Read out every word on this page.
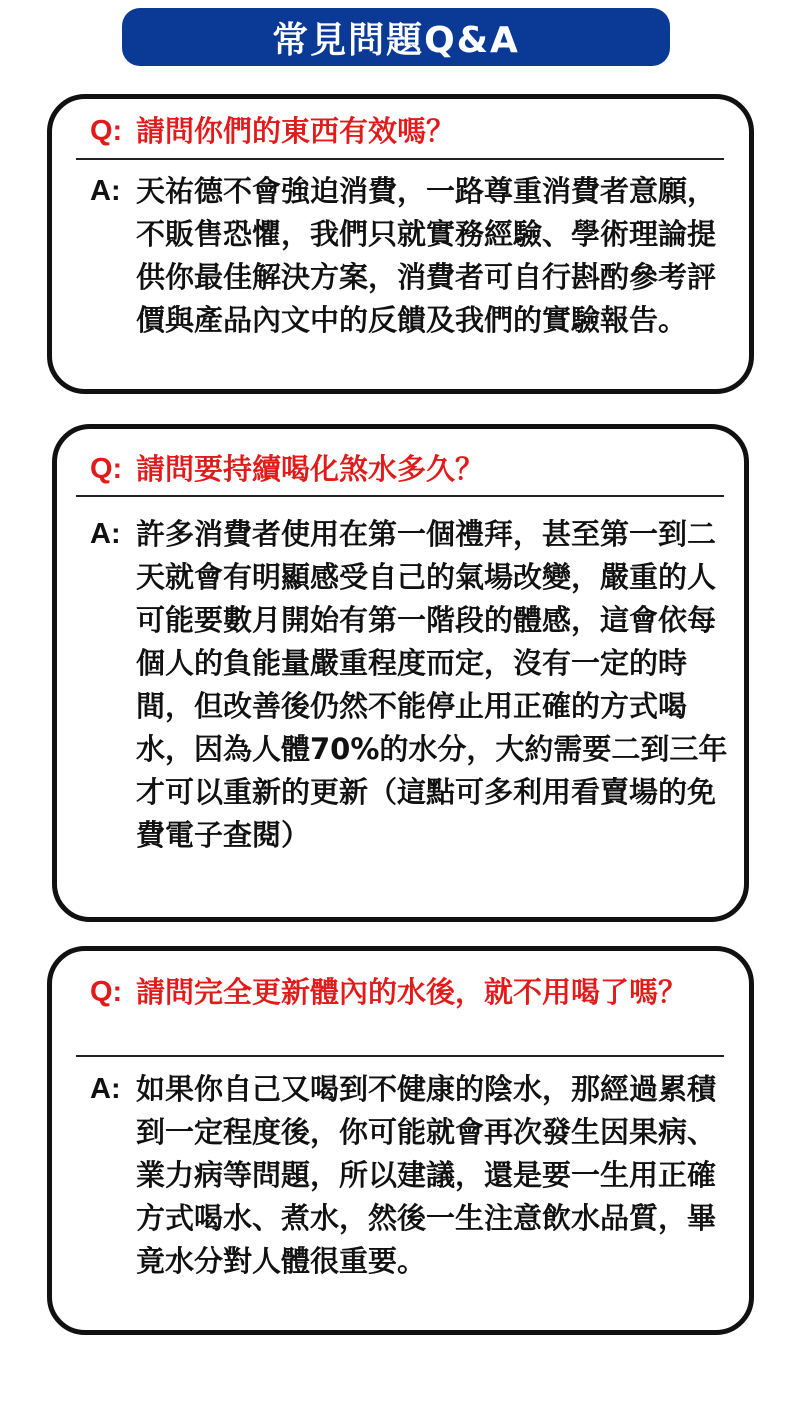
常見問題Q&A
Q: 請問你們的東西有效嗎？
A: 天祐德不會強迫消費，一路尊重消費者意願，不販售恐懼，我們只就實務經驗、學術理論提供你最佳解決方案，消費者可自行斟酌參考評價與產品內文中的反饋及我們的實驗報告。
Q: 請問要持續喝化煞水多久？
A: 許多消費者使用在第一個禮拜，甚至第一到二天就會有明顯感受自己的氣場改變，嚴重的人可能要數月開始有第一階段的體感，這會依每個人的負能量嚴重程度而定，沒有一定的時間，但改善後仍然不能停止用正確的方式喝水，因為人體70%的水分，大約需要二到三年才可以重新的更新（這點可多利用看賣場的免費電子查閱）
Q: 請問完全更新體內的水後，就不用喝了嗎？
A: 如果你自己又喝到不健康的陰水，那經過累積到一定程度後，你可能就會再次發生因果病、業力病等問題，所以建議，還是要一生用正確方式喝水、煮水，然後一生注意飲水品質，畢竟水分對人體很重要。
